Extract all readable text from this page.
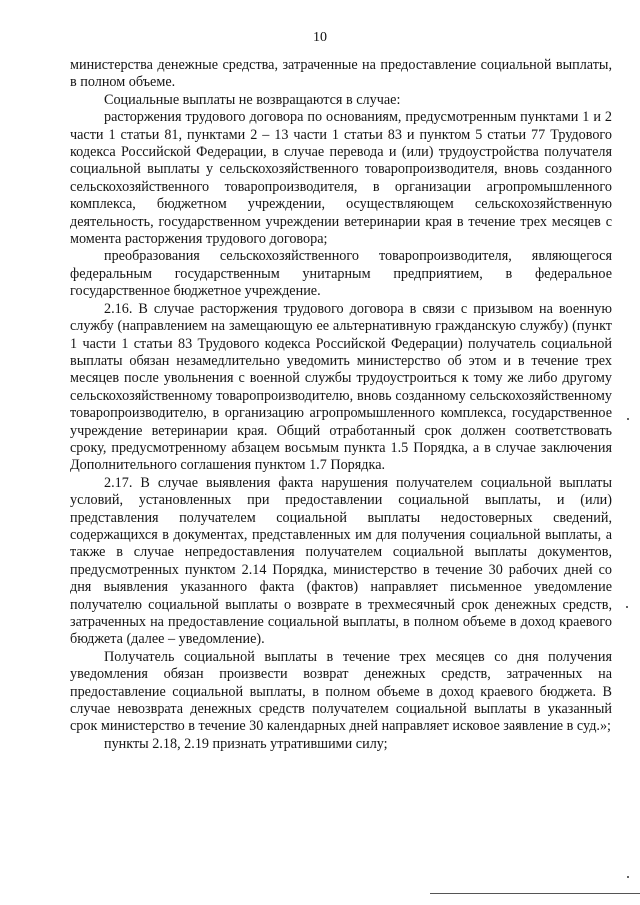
10

министерства денежные средства, затраченные на предоставление социальной выплаты, в полном объеме.

Социальные выплаты не возвращаются в случае:

расторжения трудового договора по основаниям, предусмотренным пунктами 1 и 2 части 1 статьи 81, пунктами 2 – 13 части 1 статьи 83 и пунктом 5 статьи 77 Трудового кодекса Российской Федерации, в случае перевода и (или) трудоустройства получателя социальной выплаты у сельскохозяйственного товаропроизводителя, вновь созданного сельскохозяйственного товаропроизводителя, в организации агропромышленного комплекса, бюджетном учреждении, осуществляющем сельскохозяйственную деятельность, государственном учреждении ветеринарии края в течение трех месяцев с момента расторжения трудового договора;

преобразования сельскохозяйственного товаропроизводителя, являющегося федеральным государственным унитарным предприятием, в федеральное государственное бюджетное учреждение.

2.16. В случае расторжения трудового договора в связи с призывом на военную службу (направлением на замещающую ее альтернативную гражданскую службу) (пункт 1 части 1 статьи 83 Трудового кодекса Российской Федерации) получатель социальной выплаты обязан незамедлительно уведомить министерство об этом и в течение трех месяцев после увольнения с военной службы трудоустроиться к тому же либо другому сельскохозяйственному товаропроизводителю, вновь созданному сельскохозяйственному товаропроизводителю, в организацию агропромышленного комплекса, государственное учреждение ветеринарии края. Общий отработанный срок должен соответствовать сроку, предусмотренному абзацем восьмым пункта 1.5 Порядка, а в случае заключения Дополнительного соглашения пунктом 1.7 Порядка.

2.17. В случае выявления факта нарушения получателем социальной выплаты условий, установленных при предоставлении социальной выплаты, и (или) представления получателем социальной выплаты недостоверных сведений, содержащихся в документах, представленных им для получения социальной выплаты, а также в случае непредоставления получателем социальной выплаты документов, предусмотренных пунктом 2.14 Порядка, министерство в течение 30 рабочих дней со дня выявления указанного факта (фактов) направляет письменное уведомление получателю социальной выплаты о возврате в трехмесячный срок денежных средств, затраченных на предоставление социальной выплаты, в полном объеме в доход краевого бюджета (далее – уведомление).

Получатель социальной выплаты в течение трех месяцев со дня получения уведомления обязан произвести возврат денежных средств, затраченных на предоставление социальной выплаты, в полном объеме в доход краевого бюджета. В случае невозврата денежных средств получателем социальной выплаты в указанный срок министерство в течение 30 календарных дней направляет исковое заявление в суд.»;

пункты 2.18, 2.19 признать утратившими силу;
